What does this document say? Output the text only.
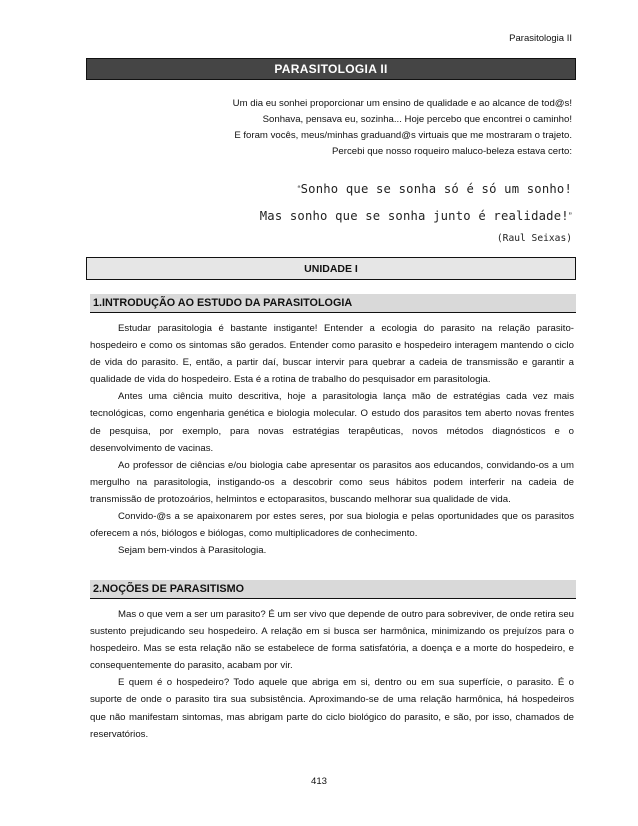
Parasitologia II
PARASITOLOGIA II
Um dia eu sonhei proporcionar um ensino de qualidade e ao alcance de tod@s!
Sonhava, pensava eu, sozinha... Hoje percebo que encontrei o caminho!
E foram vocês, meus/minhas graduand@s virtuais que me mostraram o trajeto.
Percebi que nosso roqueiro maluco-beleza estava certo:
“Sonho que se sonha só é só um sonho!
Mas sonho que se sonha junto é realidade!”
(Raul Seixas)
UNIDADE I
1.INTRODUÇÃO AO ESTUDO DA PARASITOLOGIA

Estudar parasitologia é bastante instigante! Entender a ecologia do parasito na relação parasito-hospedeiro e como os sintomas são gerados. Entender como parasito e hospedeiro interagem mantendo o ciclo de vida do parasito. E, então, a partir daí, buscar intervir para quebrar a cadeia de transmissão e garantir a qualidade de vida do hospedeiro. Esta é a rotina de trabalho do pesquisador em parasitologia.

Antes uma ciência muito descritiva, hoje a parasitologia lança mão de estratégias cada vez mais tecnológicas, como engenharia genética e biologia molecular. O estudo dos parasitos tem aberto novas frentes de pesquisa, por exemplo, para novas estratégias terapêuticas, novos métodos diagnósticos e o desenvolvimento de vacinas.

Ao professor de ciências e/ou biologia cabe apresentar os parasitos aos educandos, convidando-os a um mergulho na parasitologia, instigando-os a descobrir como seus hábitos podem interferir na cadeia de transmissão de protozoários, helmintos e ectoparasitos, buscando melhorar sua qualidade de vida.

Convido-@s a se apaixonarem por estes seres, por sua biologia e pelas oportunidades que os parasitos oferecem a nós, biólogos e biólogas, como multiplicadores de conhecimento.

Sejam bem-vindos à Parasitologia.

2.NOÇÕES DE PARASITISMO

Mas o que vem a ser um parasito? É um ser vivo que depende de outro para sobreviver, de onde retira seu sustento prejudicando seu hospedeiro. A relação em si busca ser harmônica, minimizando os prejuízos para o hospedeiro. Mas se esta relação não se estabelece de forma satisfatória, a doença e a morte do hospedeiro, e consequentemente do parasito, acabam por vir.

E quem é o hospedeiro? Todo aquele que abriga em si, dentro ou em sua superfície, o parasito. É o suporte de onde o parasito tira sua subsistência. Aproximando-se de uma relação harmônica, há hospedeiros que não manifestam sintomas, mas abrigam parte do ciclo biológico do parasito, e são, por isso, chamados de reservatórios.

413
